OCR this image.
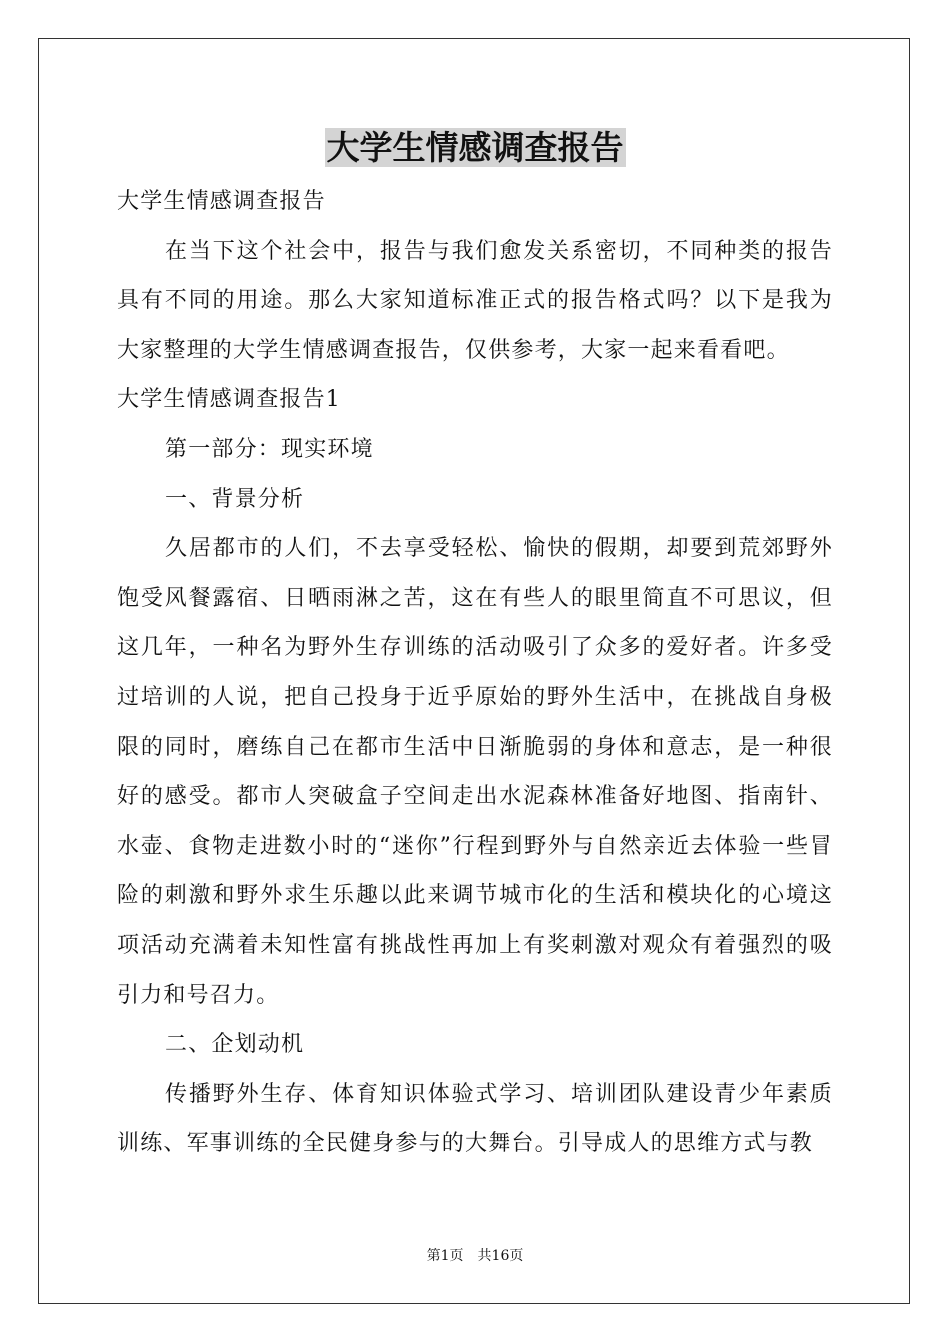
大学生情感调查报告

大学生情感调查报告

在当下这个社会中，报告与我们愈发关系密切，不同种类的报告具有不同的用途。那么大家知道标准正式的报告格式吗？以下是我为大家整理的大学生情感调查报告，仅供参考，大家一起来看看吧。

大学生情感调查报告1

第一部分：现实环境

一、背景分析

久居都市的人们，不去享受轻松、愉快的假期，却要到荒郊野外饱受风餐露宿、日晒雨淋之苦，这在有些人的眼里简直不可思议，但这几年，一种名为野外生存训练的活动吸引了众多的爱好者。许多受过培训的人说，把自己投身于近乎原始的野外生活中，在挑战自身极限的同时，磨练自己在都市生活中日渐脆弱的身体和意志，是一种很好的感受。都市人突破盒子空间走出水泥森林准备好地图、指南针、水壶、食物走进数小时的“迷你”行程到野外与自然亲近去体验一些冒险的刺激和野外求生乐趣以此来调节城市化的生活和模块化的心境这项活动充满着未知性富有挑战性再加上有奖刺激对观众有着强烈的吸引力和号召力。

二、企划动机

传播野外生存、体育知识体验式学习、培训团队建设青少年素质训练、军事训练的全民健身参与的大舞台。引导成人的思维方式与教

第1页 共16页
